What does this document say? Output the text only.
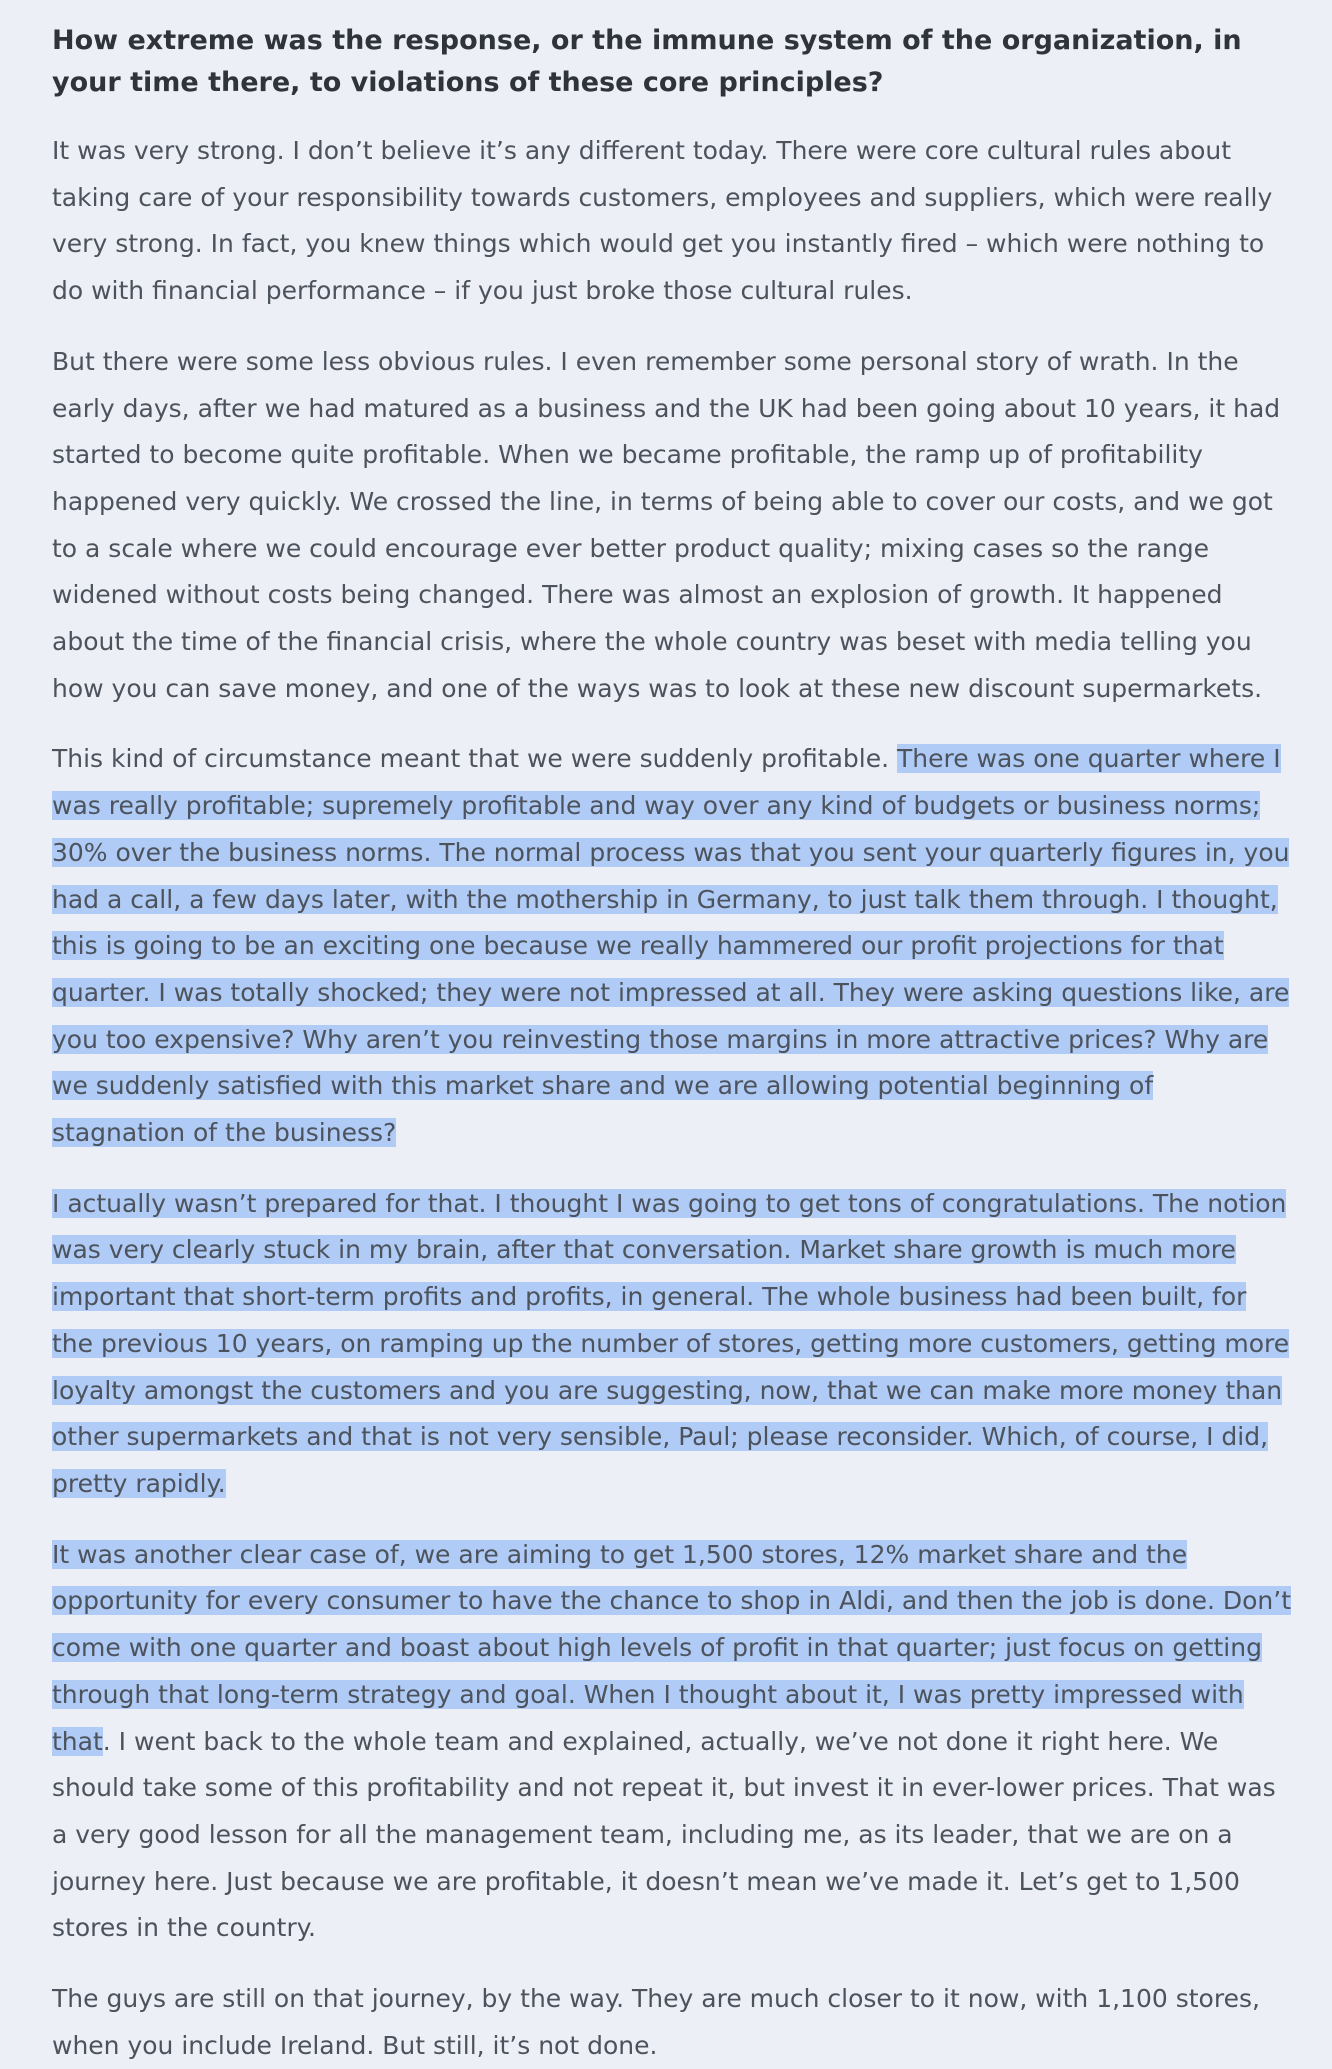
How extreme was the response, or the immune system of the organization, in your time there, to violations of these core principles?

It was very strong. I don’t believe it’s any different today. There were core cultural rules about taking care of your responsibility towards customers, employees and suppliers, which were really very strong. In fact, you knew things which would get you instantly fired – which were nothing to do with financial performance – if you just broke those cultural rules.

But there were some less obvious rules. I even remember some personal story of wrath. In the early days, after we had matured as a business and the UK had been going about 10 years, it had started to become quite profitable. When we became profitable, the ramp up of profitability happened very quickly. We crossed the line, in terms of being able to cover our costs, and we got to a scale where we could encourage ever better product quality; mixing cases so the range widened without costs being changed. There was almost an explosion of growth. It happened about the time of the financial crisis, where the whole country was beset with media telling you how you can save money, and one of the ways was to look at these new discount supermarkets.

This kind of circumstance meant that we were suddenly profitable. There was one quarter where I was really profitable; supremely profitable and way over any kind of budgets or business norms; 30% over the business norms. The normal process was that you sent your quarterly figures in, you had a call, a few days later, with the mothership in Germany, to just talk them through. I thought, this is going to be an exciting one because we really hammered our profit projections for that quarter. I was totally shocked; they were not impressed at all. They were asking questions like, are you too expensive? Why aren’t you reinvesting those margins in more attractive prices? Why are we suddenly satisfied with this market share and we are allowing potential beginning of stagnation of the business?

I actually wasn’t prepared for that. I thought I was going to get tons of congratulations. The notion was very clearly stuck in my brain, after that conversation. Market share growth is much more important that short-term profits and profits, in general. The whole business had been built, for the previous 10 years, on ramping up the number of stores, getting more customers, getting more loyalty amongst the customers and you are suggesting, now, that we can make more money than other supermarkets and that is not very sensible, Paul; please reconsider. Which, of course, I did, pretty rapidly.

It was another clear case of, we are aiming to get 1,500 stores, 12% market share and the opportunity for every consumer to have the chance to shop in Aldi, and then the job is done. Don’t come with one quarter and boast about high levels of profit in that quarter; just focus on getting through that long-term strategy and goal. When I thought about it, I was pretty impressed with that. I went back to the whole team and explained, actually, we’ve not done it right here. We should take some of this profitability and not repeat it, but invest it in ever-lower prices. That was a very good lesson for all the management team, including me, as its leader, that we are on a journey here. Just because we are profitable, it doesn’t mean we’ve made it. Let’s get to 1,500 stores in the country.

The guys are still on that journey, by the way. They are much closer to it now, with 1,100 stores, when you include Ireland. But still, it’s not done.
